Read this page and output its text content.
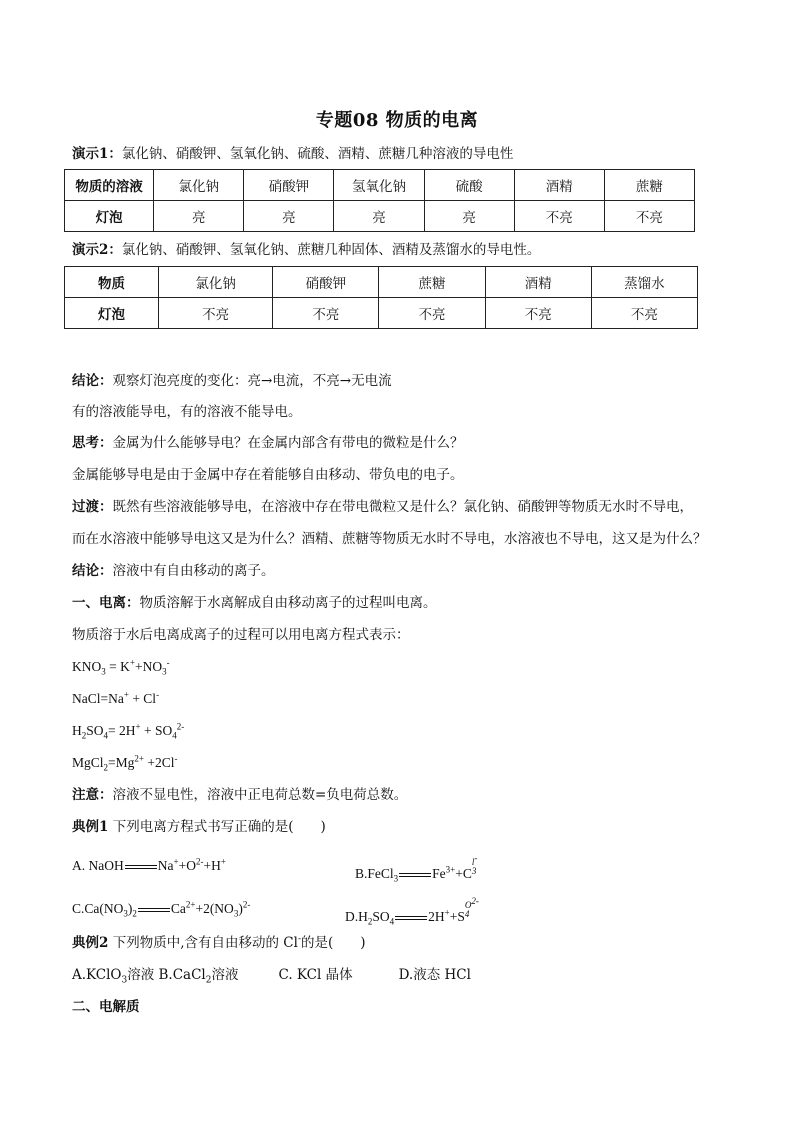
专题08 物质的电离
演示1：氯化钠、硝酸钾、氢氧化钠、硫酸、酒精、蔗糖几种溶液的导电性
物质的溶液	氯化钠	硝酸钾	氢氧化钠	硫酸	酒精	蔗糖
灯泡	亮	亮	亮	亮	不亮	不亮
演示2：氯化钠、硝酸钾、氢氧化钠、蔗糖几种固体、酒精及蒸馏水的导电性。
物质	氯化钠	硝酸钾	蔗糖	酒精	蒸馏水
灯泡	不亮	不亮	不亮	不亮	不亮
结论：观察灯泡亮度的变化：亮→电流，不亮→无电流
有的溶液能导电，有的溶液不能导电。
思考：金属为什么能够导电？在金属内部含有带电的微粒是什么？
金属能够导电是由于金属中存在着能够自由移动、带负电的电子。
过渡：既然有些溶液能够导电，在溶液中存在带电微粒又是什么？氯化钠、硝酸钾等物质无水时不导电，
而在水溶液中能够导电这又是为什么？酒精、蔗糖等物质无水时不导电，水溶液也不导电，这又是为什么？
结论：溶液中有自由移动的离子。
一、电离：物质溶解于水离解成自由移动离子的过程叫电离。
物质溶于水后电离成离子的过程可以用电离方程式表示：
$KNO_3 = K^++NO_3^-$
NaCl=Na+ + Cl-
$H_2SO_4= 2H^+ + SO_4^{2-}$
$MgCl_2=Mg^{2+} +2Cl^-$
注意：溶液不显电性，溶液中正电荷总数=负电荷总数。
典例1 下列电离方程式书写正确的是(　　)
A. NaOH	$Na^++O^{2-}+H^+$
B.FeCl$_3$	$Fe^{3+}+Cl^-$
3
$C.Ca(NO_3)_2$	$Ca^{2+}+2(NO_3)^{2-}$
$D.H_2SO_4$	$2H^++SO^{2-}$
4
典例2 下列物质中,含有自由移动的 Cl-的是(　　)
A.KClO$_3$溶液 B.CaCl$_2$溶液	C. KCl 晶体	D.液态 HCl
二、电解质
